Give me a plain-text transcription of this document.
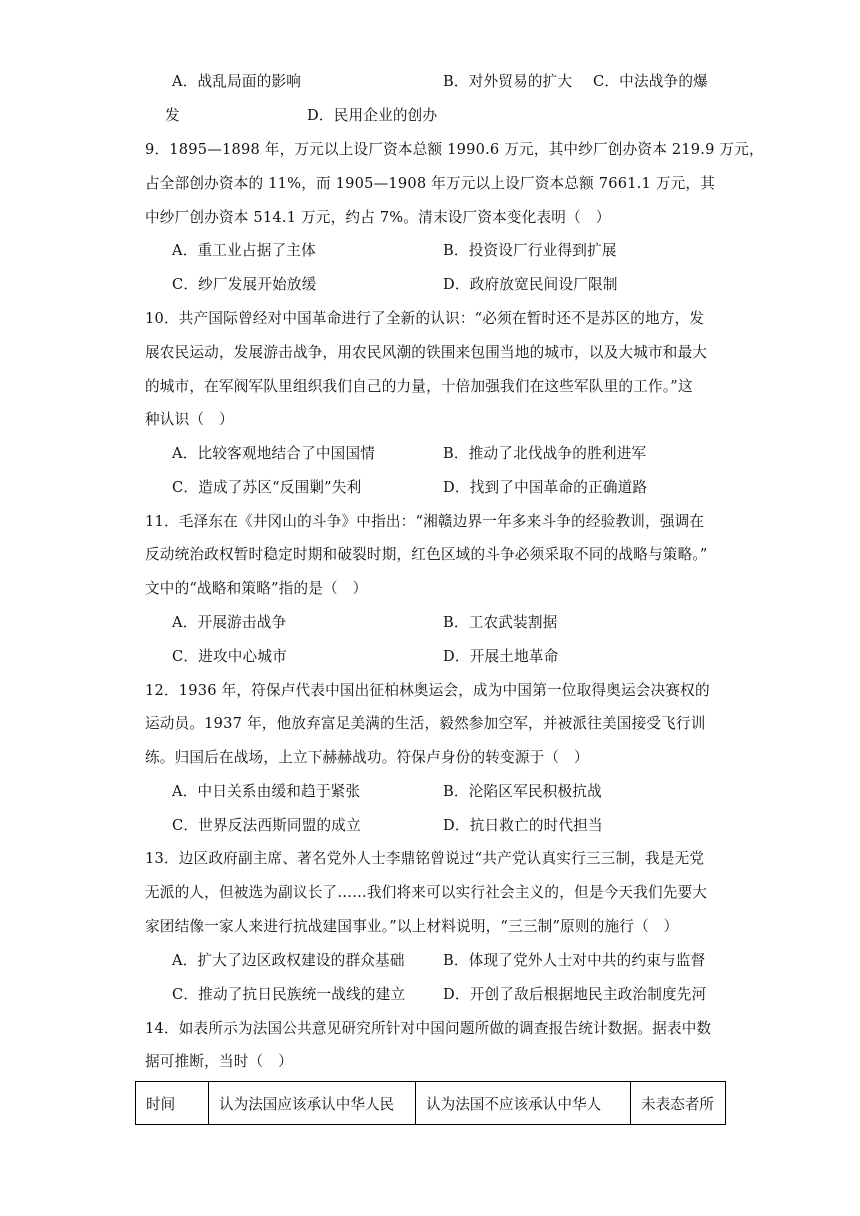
A．战乱局面的影响	B．对外贸易的扩大 C．中法战争的爆
发	D．民用企业的创办
9．1895—1898 年，万元以上设厂资本总额 1990.6 万元，其中纱厂创办资本 219.9 万元，
占全部创办资本的 11%，而 1905—1908 年万元以上设厂资本总额 7661.1 万元，其
中纱厂创办资本 514.1 万元，约占 7%。清末设厂资本变化表明（　）
A．重工业占据了主体	B．投资设厂行业得到扩展
C．纱厂发展开始放缓	D．政府放宽民间设厂限制
10．共产国际曾经对中国革命进行了全新的认识：“必须在暂时还不是苏区的地方，发
展农民运动，发展游击战争，用农民风潮的铁围来包围当地的城市，以及大城市和最大
的城市，在军阀军队里组织我们自己的力量，十倍加强我们在这些军队里的工作。”这
种认识（　）
A．比较客观地结合了中国国情	B．推动了北伐战争的胜利进军
C．造成了苏区“反围剿”失利	D．找到了中国革命的正确道路
11．毛泽东在《井冈山的斗争》中指出：“湘赣边界一年多来斗争的经验教训，强调在
反动统治政权暂时稳定时期和破裂时期，红色区域的斗争必须采取不同的战略与策略。”
文中的“战略和策略”指的是（　）
A．开展游击战争	B．工农武装割据
C．进攻中心城市	D．开展土地革命
12．1936 年，符保卢代表中国出征柏林奥运会，成为中国第一位取得奥运会决赛权的
运动员。1937 年，他放弃富足美满的生活，毅然参加空军，并被派往美国接受飞行训
练。归国后在战场，上立下赫赫战功。符保卢身份的转变源于（　）
A．中日关系由缓和趋于紧张	B．沦陷区军民积极抗战
C．世界反法西斯同盟的成立	D．抗日救亡的时代担当
13．边区政府副主席、著名党外人士李鼎铭曾说过“共产党认真实行三三制，我是无党
无派的人，但被选为副议长了……我们将来可以实行社会主义的，但是今天我们先要大
家团结像一家人来进行抗战建国事业。”以上材料说明，“三三制”原则的施行（　）
A．扩大了边区政权建设的群众基础	B．体现了党外人士对中共的约束与监督
C．推动了抗日民族统一战线的建立	D．开创了敌后根据地民主政治制度先河
14．如表所示为法国公共意见研究所针对中国问题所做的调查报告统计数据。据表中数
据可推断，当时（　）
时间	认为法国应该承认中华人民	认为法国不应该承认中华人	未表态者所
